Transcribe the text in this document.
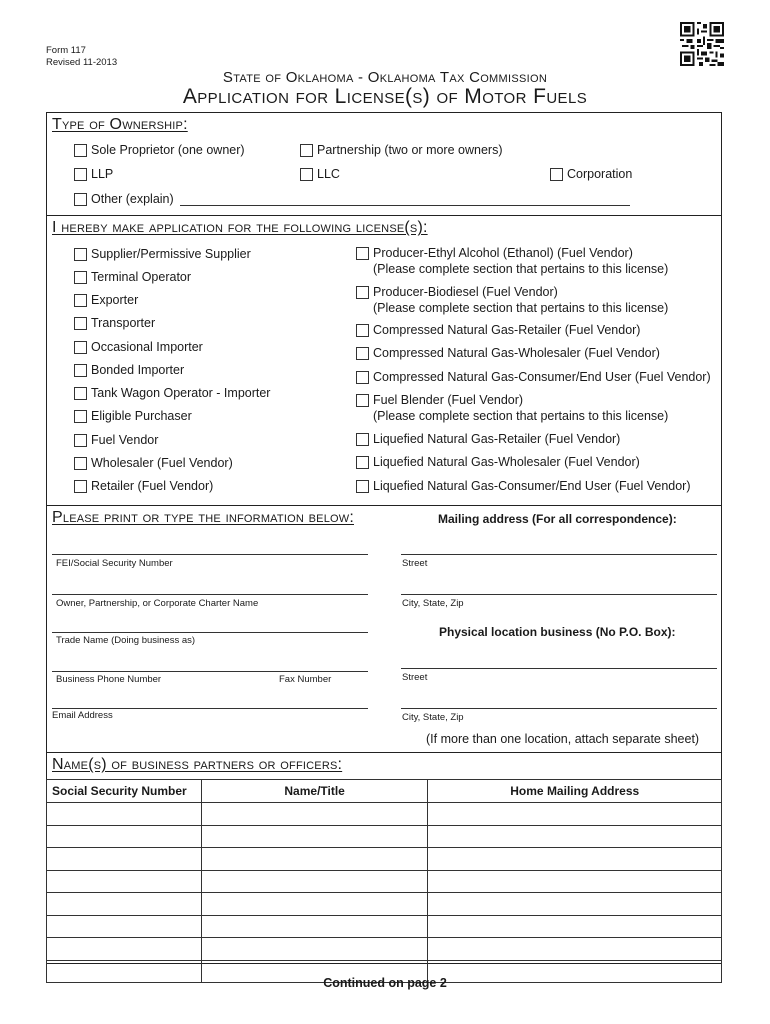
Form 117
Revised 11-2013
State of Oklahoma - Oklahoma Tax Commission
Application for License(s) of Motor Fuels
Type of Ownership:
Sole Proprietor (one owner)	Partnership (two or more owners)
LLP	LLC	Corporation
Other (explain)
I hereby make application for the following license(s):
Supplier/Permissive Supplier
Terminal Operator
Exporter
Transporter
Occasional Importer
Bonded Importer
Tank Wagon Operator - Importer
Eligible Purchaser
Fuel Vendor
Wholesaler (Fuel Vendor)
Retailer (Fuel Vendor)
Producer-Ethyl Alcohol (Ethanol) (Fuel Vendor)
(Please complete section that pertains to this license)
Producer-Biodiesel (Fuel Vendor)
(Please complete section that pertains to this license)
Compressed Natural Gas-Retailer (Fuel Vendor)
Compressed Natural Gas-Wholesaler (Fuel Vendor)
Compressed Natural Gas-Consumer/End User (Fuel Vendor)
Fuel Blender (Fuel Vendor)
(Please complete section that pertains to this license)
Liquefied Natural Gas-Retailer (Fuel Vendor)
Liquefied Natural Gas-Wholesaler (Fuel Vendor)
Liquefied Natural Gas-Consumer/End User (Fuel Vendor)
Please print or type the information below:	Mailing address (For all correspondence):
FEI/Social Security Number
Owner, Partnership, or Corporate Charter Name
Trade Name (Doing business as)
Business Phone Number	Fax Number
Email Address
Street
City, State, Zip
Physical location business (No P.O. Box):
Street
City, State, Zip
(If more than one location, attach separate sheet)
Name(s) of business partners or officers:
Social Security Number	Name/Title	Home Mailing Address

Continued on page 2
